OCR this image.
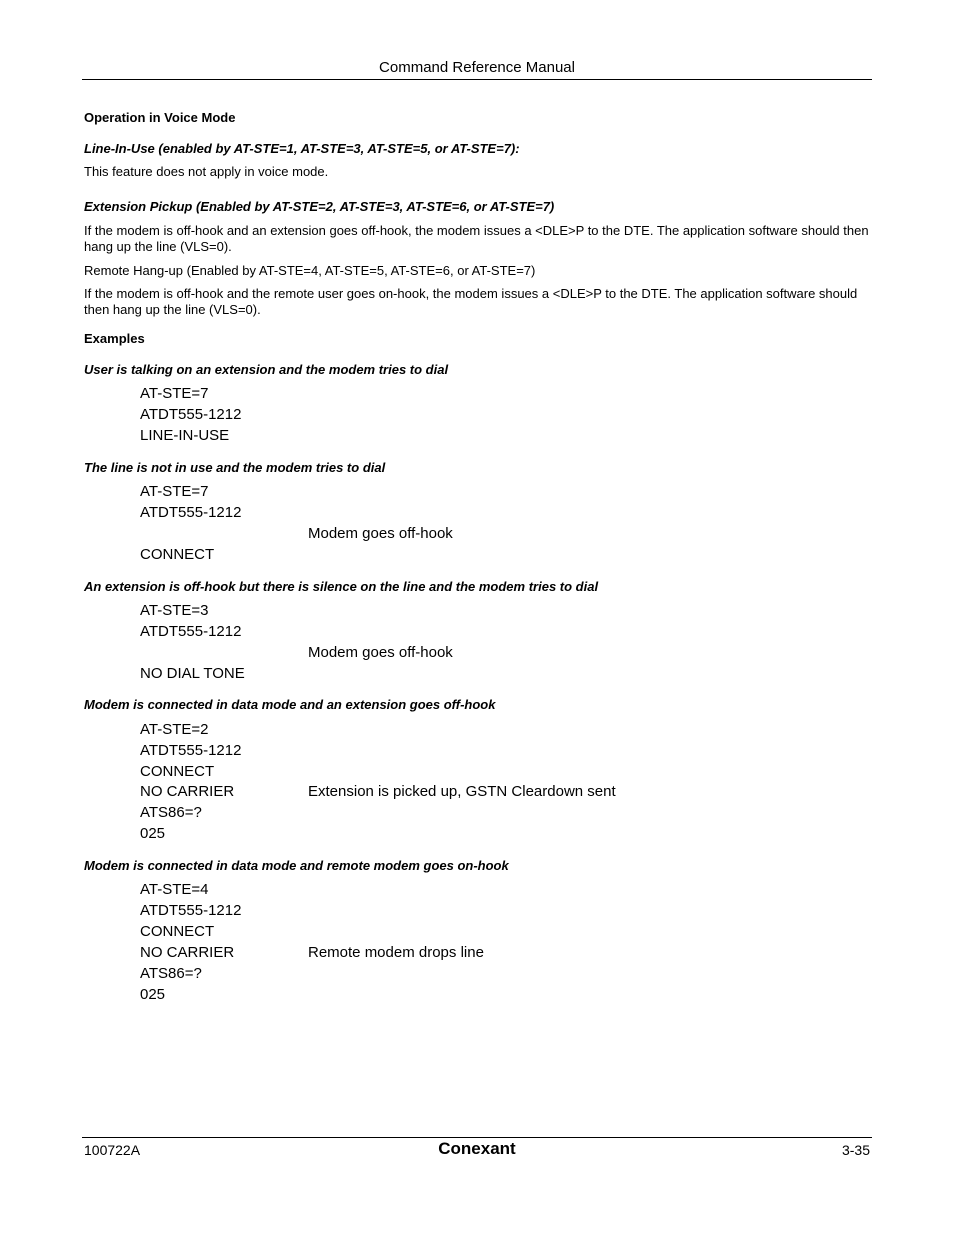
Command Reference Manual
Operation in Voice Mode
Line-In-Use (enabled by AT-STE=1, AT-STE=3, AT-STE=5, or AT-STE=7):
This feature does not apply in voice mode.
Extension Pickup (Enabled by AT-STE=2, AT-STE=3, AT-STE=6, or AT-STE=7)
If the modem is off-hook and an extension goes off-hook, the modem issues a <DLE>P to the DTE. The application software should then hang up the line (VLS=0).
Remote Hang-up (Enabled by AT-STE=4, AT-STE=5, AT-STE=6, or AT-STE=7)
If the modem is off-hook and the remote user goes on-hook, the modem issues a <DLE>P to the DTE. The application software should then hang up the line (VLS=0).
Examples
User is talking on an extension and the modem tries to dial
AT-STE=7
ATDT555-1212
LINE-IN-USE
The line is not in use and the modem tries to dial
AT-STE=7
ATDT555-1212
Modem goes off-hook
CONNECT
An extension is off-hook but there is silence on the line and the modem tries to dial
AT-STE=3
ATDT555-1212
Modem goes off-hook
NO DIAL TONE
Modem is connected in data mode and an extension goes off-hook
AT-STE=2
ATDT555-1212
CONNECT
NO CARRIER	Extension is picked up, GSTN Cleardown sent
ATS86=?
025
Modem is connected in data mode and remote modem goes on-hook
AT-STE=4
ATDT555-1212
CONNECT
NO CARRIER	Remote modem drops line
ATS86=?
025
100722A	Conexant	3-35
